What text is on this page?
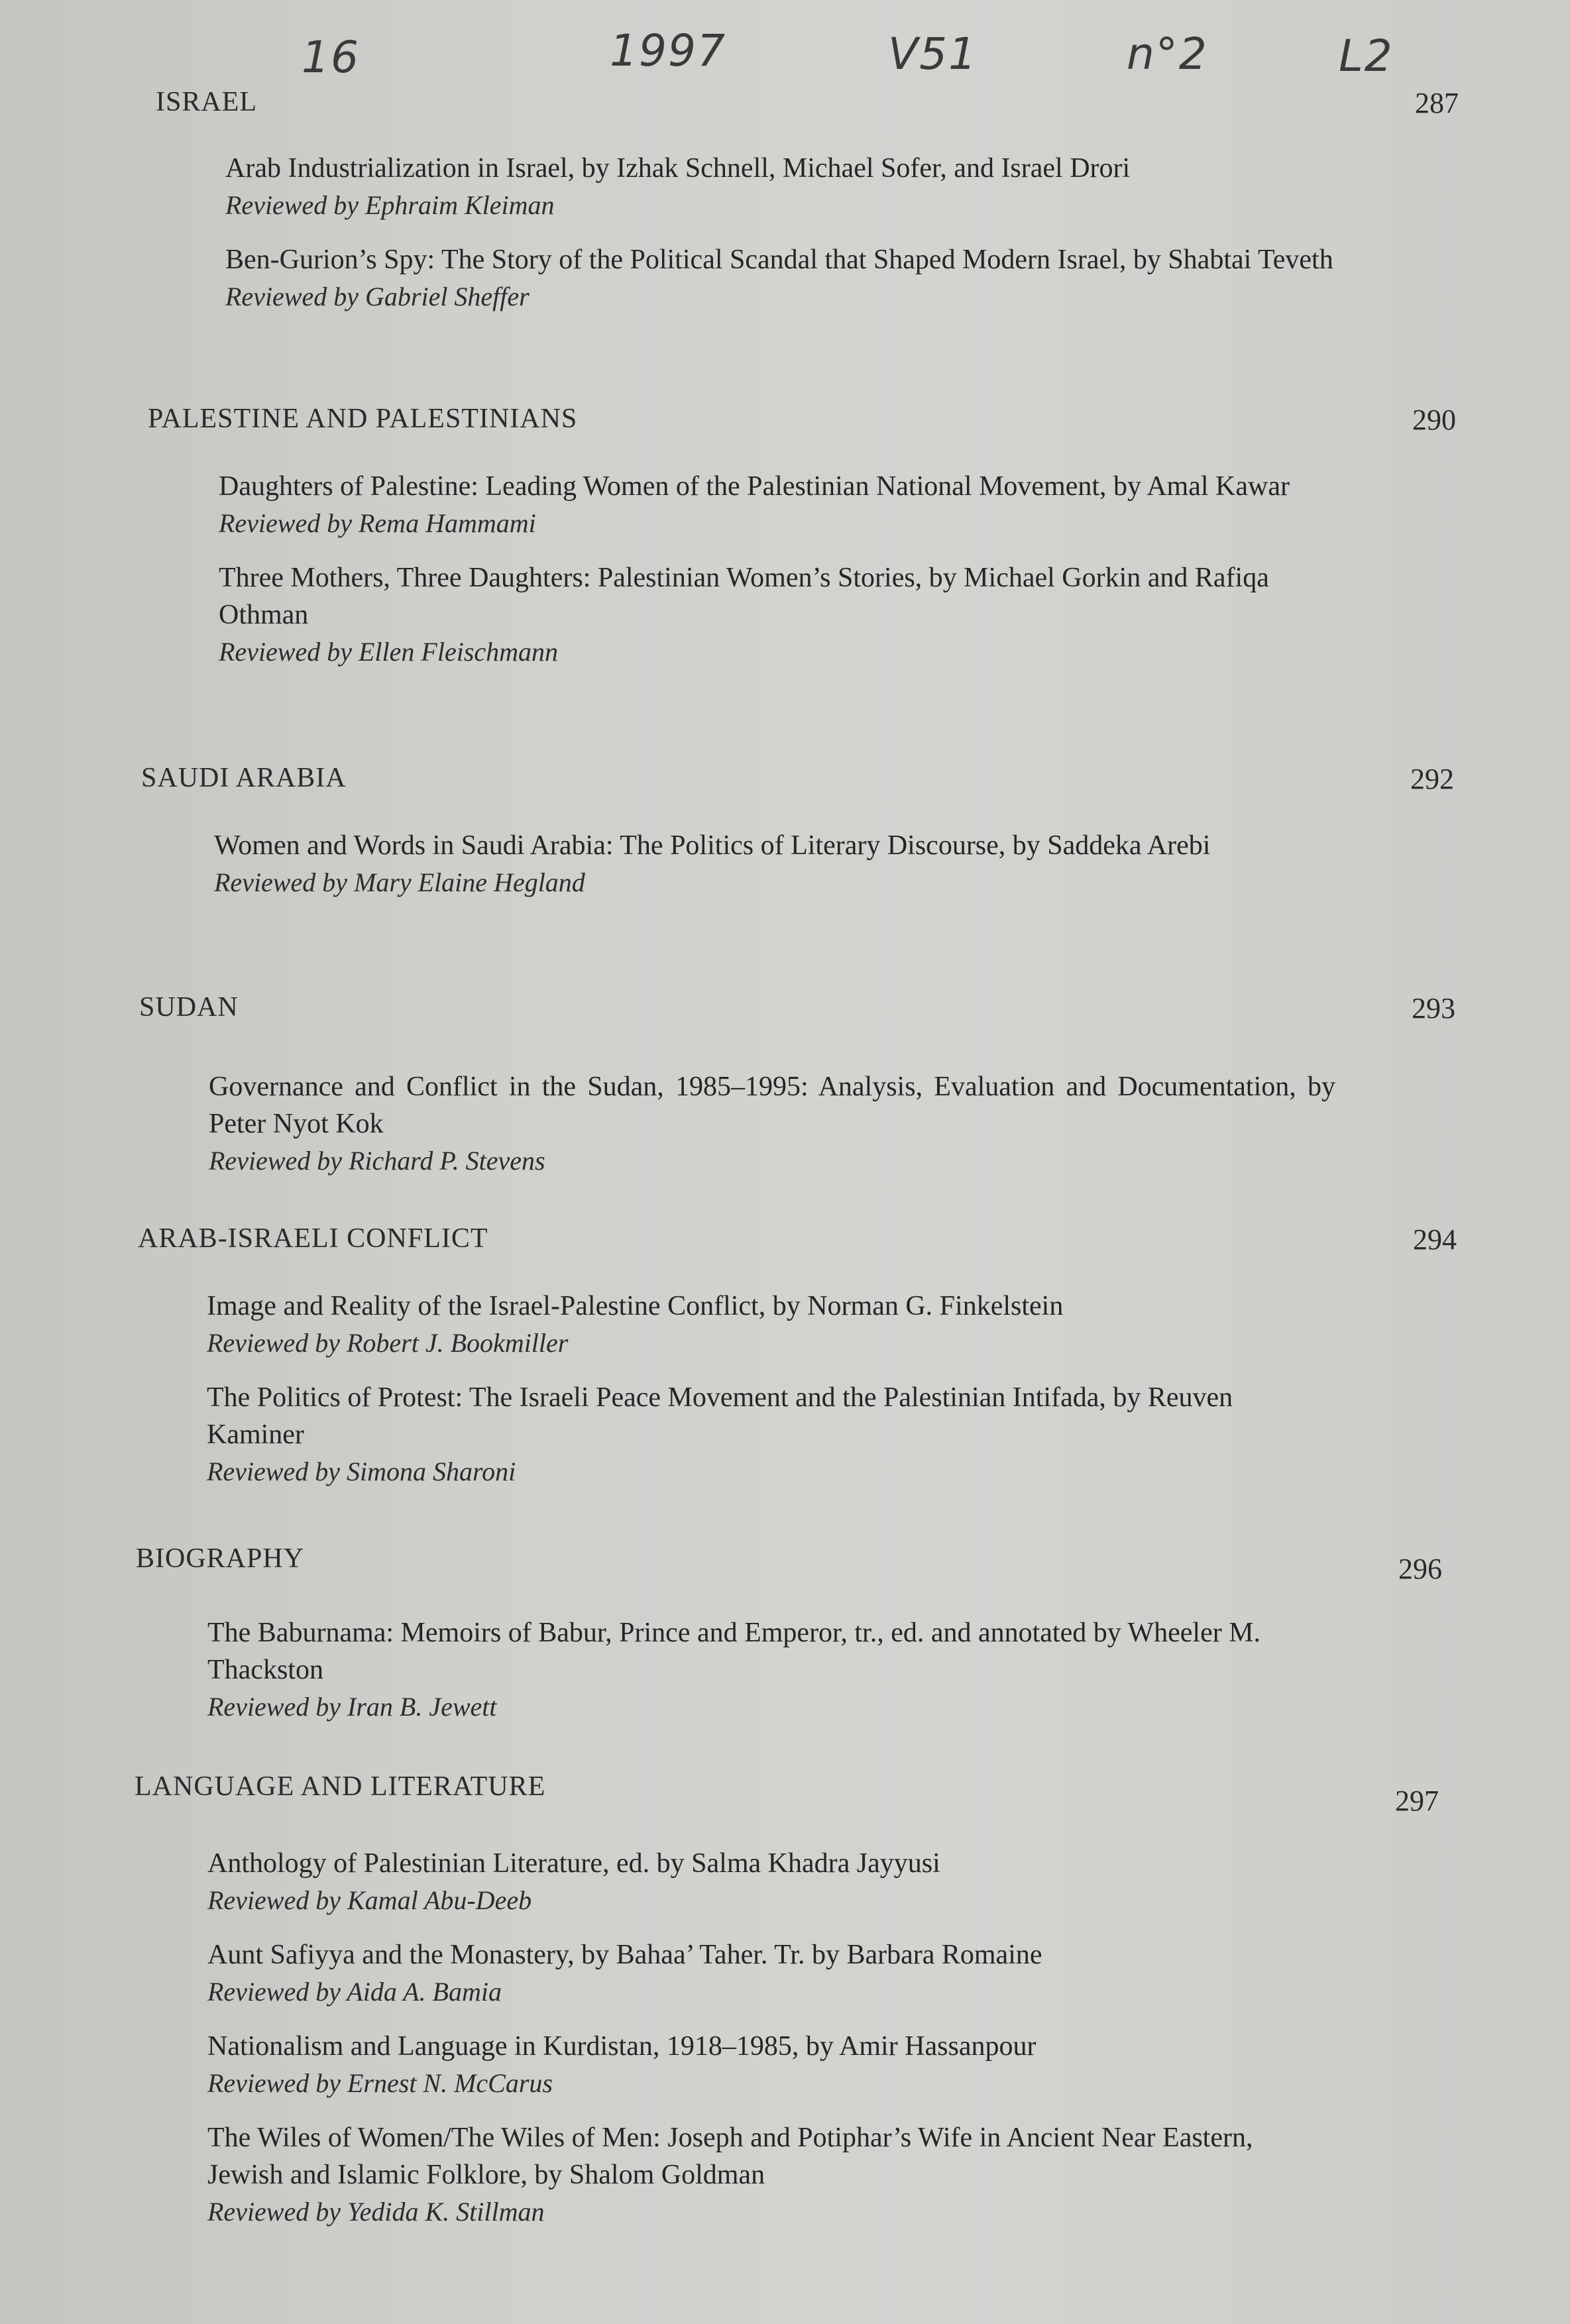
16	1997	V51	n°2	L2
ISRAEL	287
Arab Industrialization in Israel, by Izhak Schnell, Michael Sofer, and Israel Drori
Reviewed by Ephraim Kleiman
Ben-Gurion’s Spy: The Story of the Political Scandal that Shaped Modern Israel, by Shabtai Teveth
Reviewed by Gabriel Sheffer
PALESTINE AND PALESTINIANS	290
Daughters of Palestine: Leading Women of the Palestinian National Movement, by Amal Kawar
Reviewed by Rema Hammami
Three Mothers, Three Daughters: Palestinian Women’s Stories, by Michael Gorkin and Rafiqa Othman
Reviewed by Ellen Fleischmann
SAUDI ARABIA	292
Women and Words in Saudi Arabia: The Politics of Literary Discourse, by Saddeka Arebi
Reviewed by Mary Elaine Hegland
SUDAN	293
Governance and Conflict in the Sudan, 1985–1995: Analysis, Evaluation and Documentation, by Peter Nyot Kok
Reviewed by Richard P. Stevens
ARAB-ISRAELI CONFLICT	294
Image and Reality of the Israel-Palestine Conflict, by Norman G. Finkelstein
Reviewed by Robert J. Bookmiller
The Politics of Protest: The Israeli Peace Movement and the Palestinian Intifada, by Reuven Kaminer
Reviewed by Simona Sharoni
BIOGRAPHY	296
The Baburnama: Memoirs of Babur, Prince and Emperor, tr., ed. and annotated by Wheeler M. Thackston
Reviewed by Iran B. Jewett
LANGUAGE AND LITERATURE	297
Anthology of Palestinian Literature, ed. by Salma Khadra Jayyusi
Reviewed by Kamal Abu-Deeb
Aunt Safiyya and the Monastery, by Bahaa’ Taher. Tr. by Barbara Romaine
Reviewed by Aida A. Bamia
Nationalism and Language in Kurdistan, 1918–1985, by Amir Hassanpour
Reviewed by Ernest N. McCarus
The Wiles of Women/The Wiles of Men: Joseph and Potiphar’s Wife in Ancient Near Eastern, Jewish and Islamic Folklore, by Shalom Goldman
Reviewed by Yedida K. Stillman
